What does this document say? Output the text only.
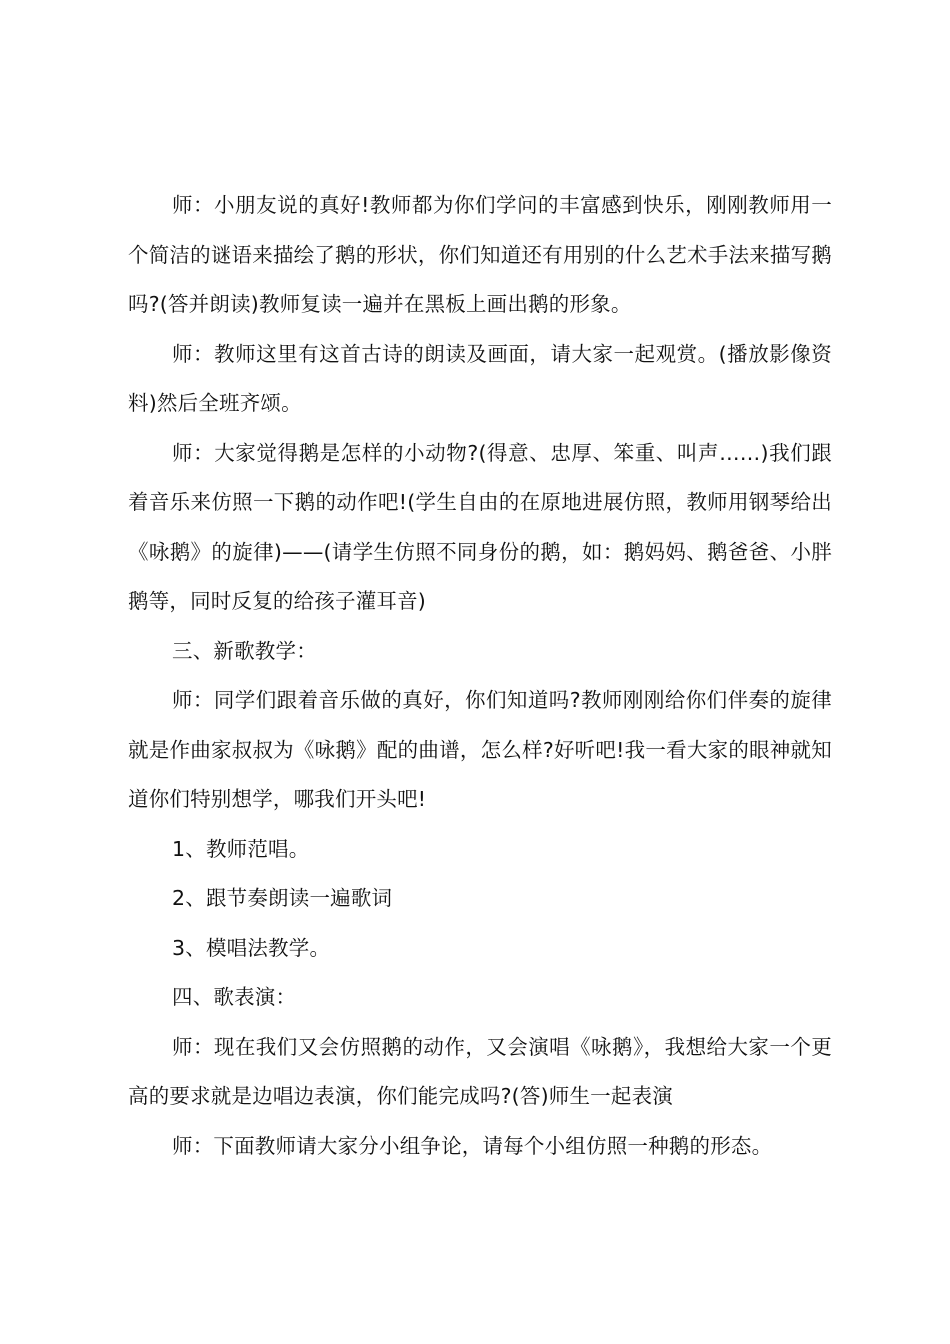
师：小朋友说的真好!教师都为你们学问的丰富感到快乐，刚刚教师用一个简洁的谜语来描绘了鹅的形状，你们知道还有用别的什么艺术手法来描写鹅吗?(答并朗读)教师复读一遍并在黑板上画出鹅的形象。

师：教师这里有这首古诗的朗读及画面，请大家一起观赏。(播放影像资料)然后全班齐颂。

师：大家觉得鹅是怎样的小动物?(得意、忠厚、笨重、叫声……)我们跟着音乐来仿照一下鹅的动作吧!(学生自由的在原地进展仿照，教师用钢琴给出《咏鹅》的旋律)——(请学生仿照不同身份的鹅，如：鹅妈妈、鹅爸爸、小胖鹅等，同时反复的给孩子灌耳音)

三、新歌教学：

师：同学们跟着音乐做的真好，你们知道吗?教师刚刚给你们伴奏的旋律就是作曲家叔叔为《咏鹅》配的曲谱，怎么样?好听吧!我一看大家的眼神就知道你们特别想学，哪我们开头吧!

1、教师范唱。

2、跟节奏朗读一遍歌词

3、模唱法教学。

四、歌表演：

师：现在我们又会仿照鹅的动作，又会演唱《咏鹅》，我想给大家一个更高的要求就是边唱边表演，你们能完成吗?(答)师生一起表演

师：下面教师请大家分小组争论，请每个小组仿照一种鹅的形态。
